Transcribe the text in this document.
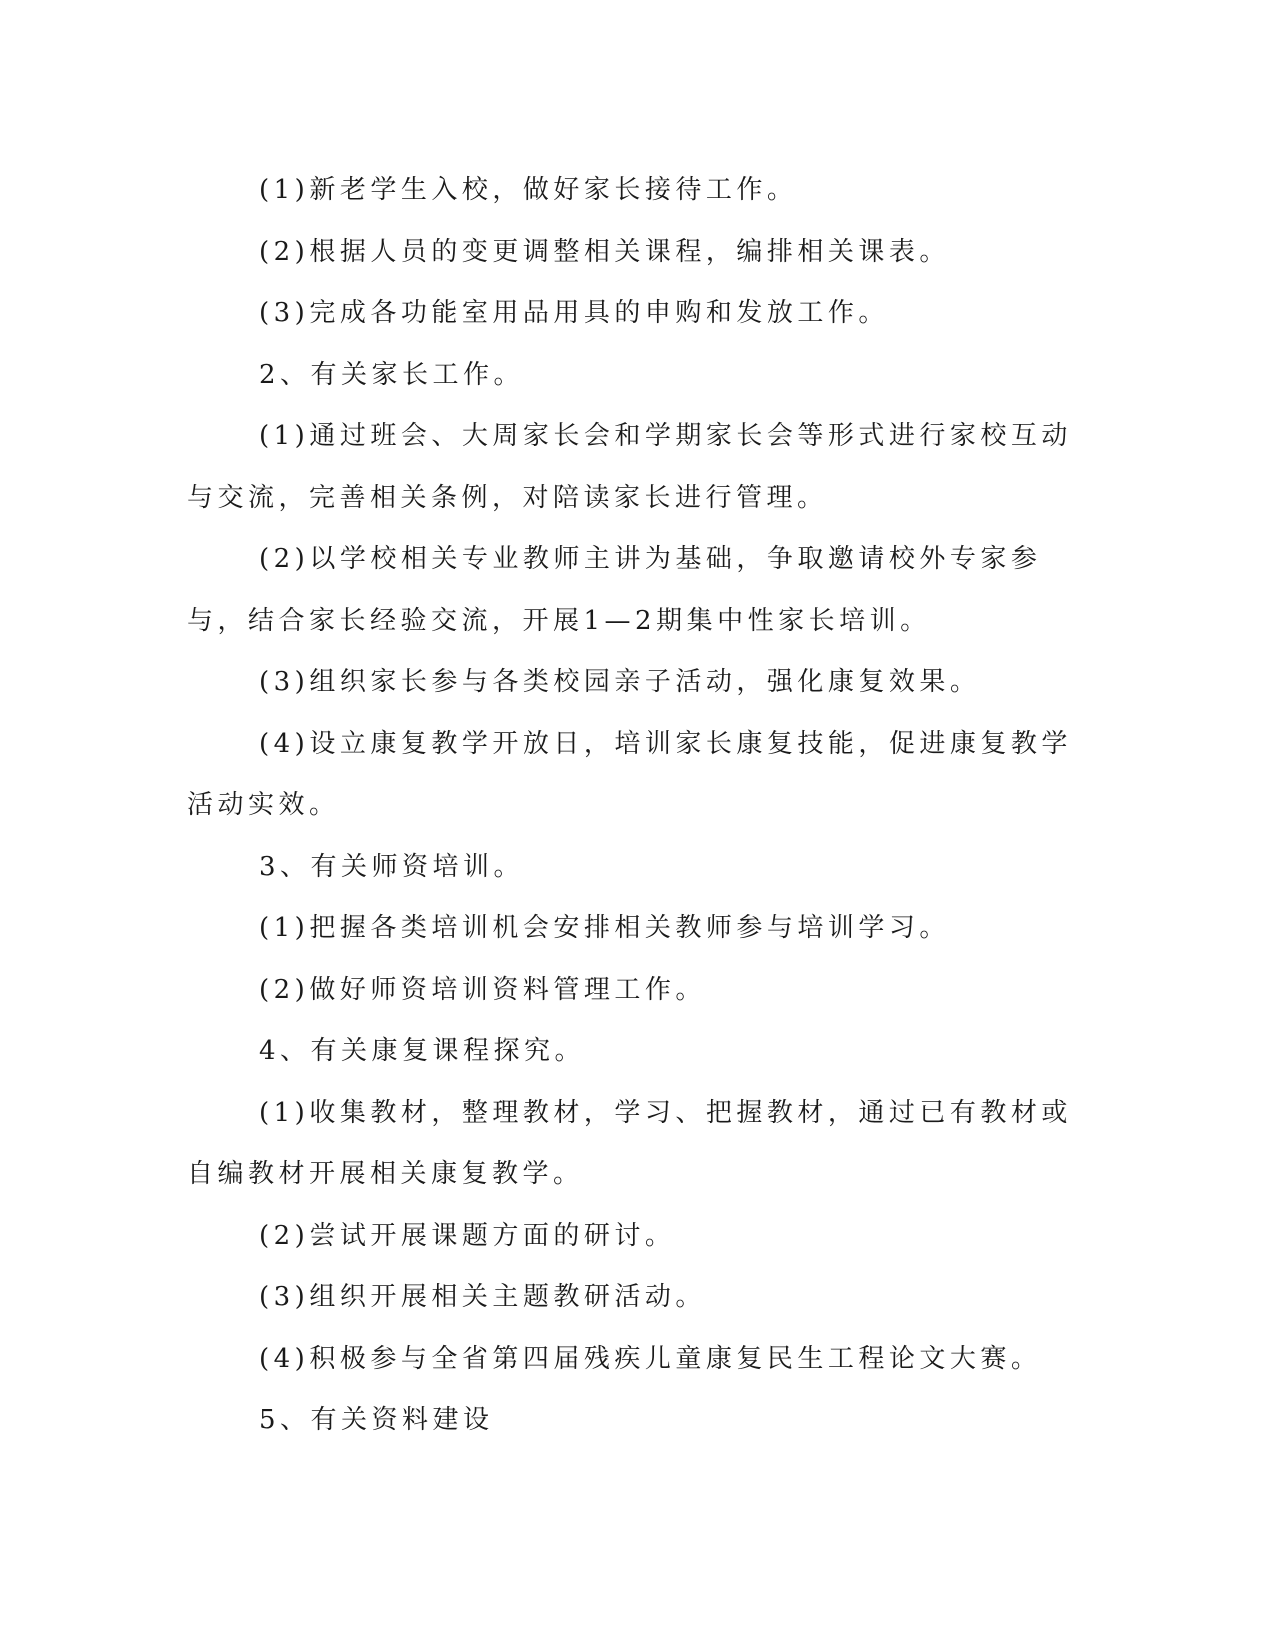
(1)新老学生入校，做好家长接待工作。

(2)根据人员的变更调整相关课程，编排相关课表。

(3)完成各功能室用品用具的申购和发放工作。

2、有关家长工作。

(1)通过班会、大周家长会和学期家长会等形式进行家校互动与交流，完善相关条例，对陪读家长进行管理。

(2)以学校相关专业教师主讲为基础，争取邀请校外专家参与，结合家长经验交流，开展1—2期集中性家长培训。

(3)组织家长参与各类校园亲子活动，强化康复效果。

(4)设立康复教学开放日，培训家长康复技能，促进康复教学活动实效。

3、有关师资培训。

(1)把握各类培训机会安排相关教师参与培训学习。

(2)做好师资培训资料管理工作。

4、有关康复课程探究。

(1)收集教材，整理教材，学习、把握教材，通过已有教材或自编教材开展相关康复教学。

(2)尝试开展课题方面的研讨。

(3)组织开展相关主题教研活动。

(4)积极参与全省第四届残疾儿童康复民生工程论文大赛。

5、有关资料建设
